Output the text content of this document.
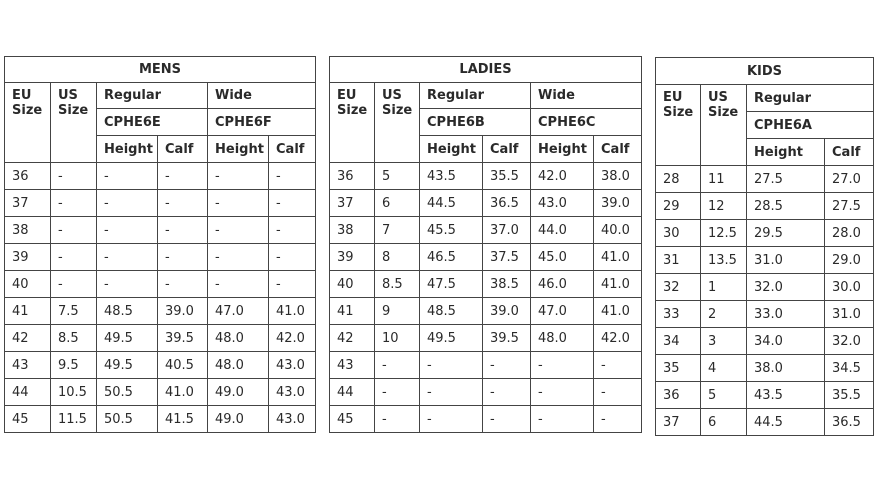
MENS					
EU Size	US Size	Regular		Wide	
		CPHE6E		CPHE6F	
		Height	Calf	Height	Calf
36	-	-	-	-	-
37	-	-	-	-	-
38	-	-	-	-	-
39	-	-	-	-	-
40	-	-	-	-	-
41	7.5	48.5	39.0	47.0	41.0
42	8.5	49.5	39.5	48.0	42.0
43	9.5	49.5	40.5	48.0	43.0
44	10.5	50.5	41.0	49.0	43.0
45	11.5	50.5	41.5	49.0	43.0
LADIES					
EU Size	US Size	Regular		Wide	
		CPHE6B		CPHE6C	
		Height	Calf	Height	Calf
36	5	43.5	35.5	42.0	38.0
37	6	44.5	36.5	43.0	39.0
38	7	45.5	37.0	44.0	40.0
39	8	46.5	37.5	45.0	41.0
40	8.5	47.5	38.5	46.0	41.0
41	9	48.5	39.0	47.0	41.0
42	10	49.5	39.5	48.0	42.0
43	-	-	-	-	-
44	-	-	-	-	-
45	-	-	-	-	-
KIDS			
EU Size	US Size	Regular	
		CPHE6A	
		Height	Calf
28	11	27.5	27.0
29	12	28.5	27.5
30	12.5	29.5	28.0
31	13.5	31.0	29.0
32	1	32.0	30.0
33	2	33.0	31.0
34	3	34.0	32.0
35	4	38.0	34.5
36	5	43.5	35.5
37	6	44.5	36.5
